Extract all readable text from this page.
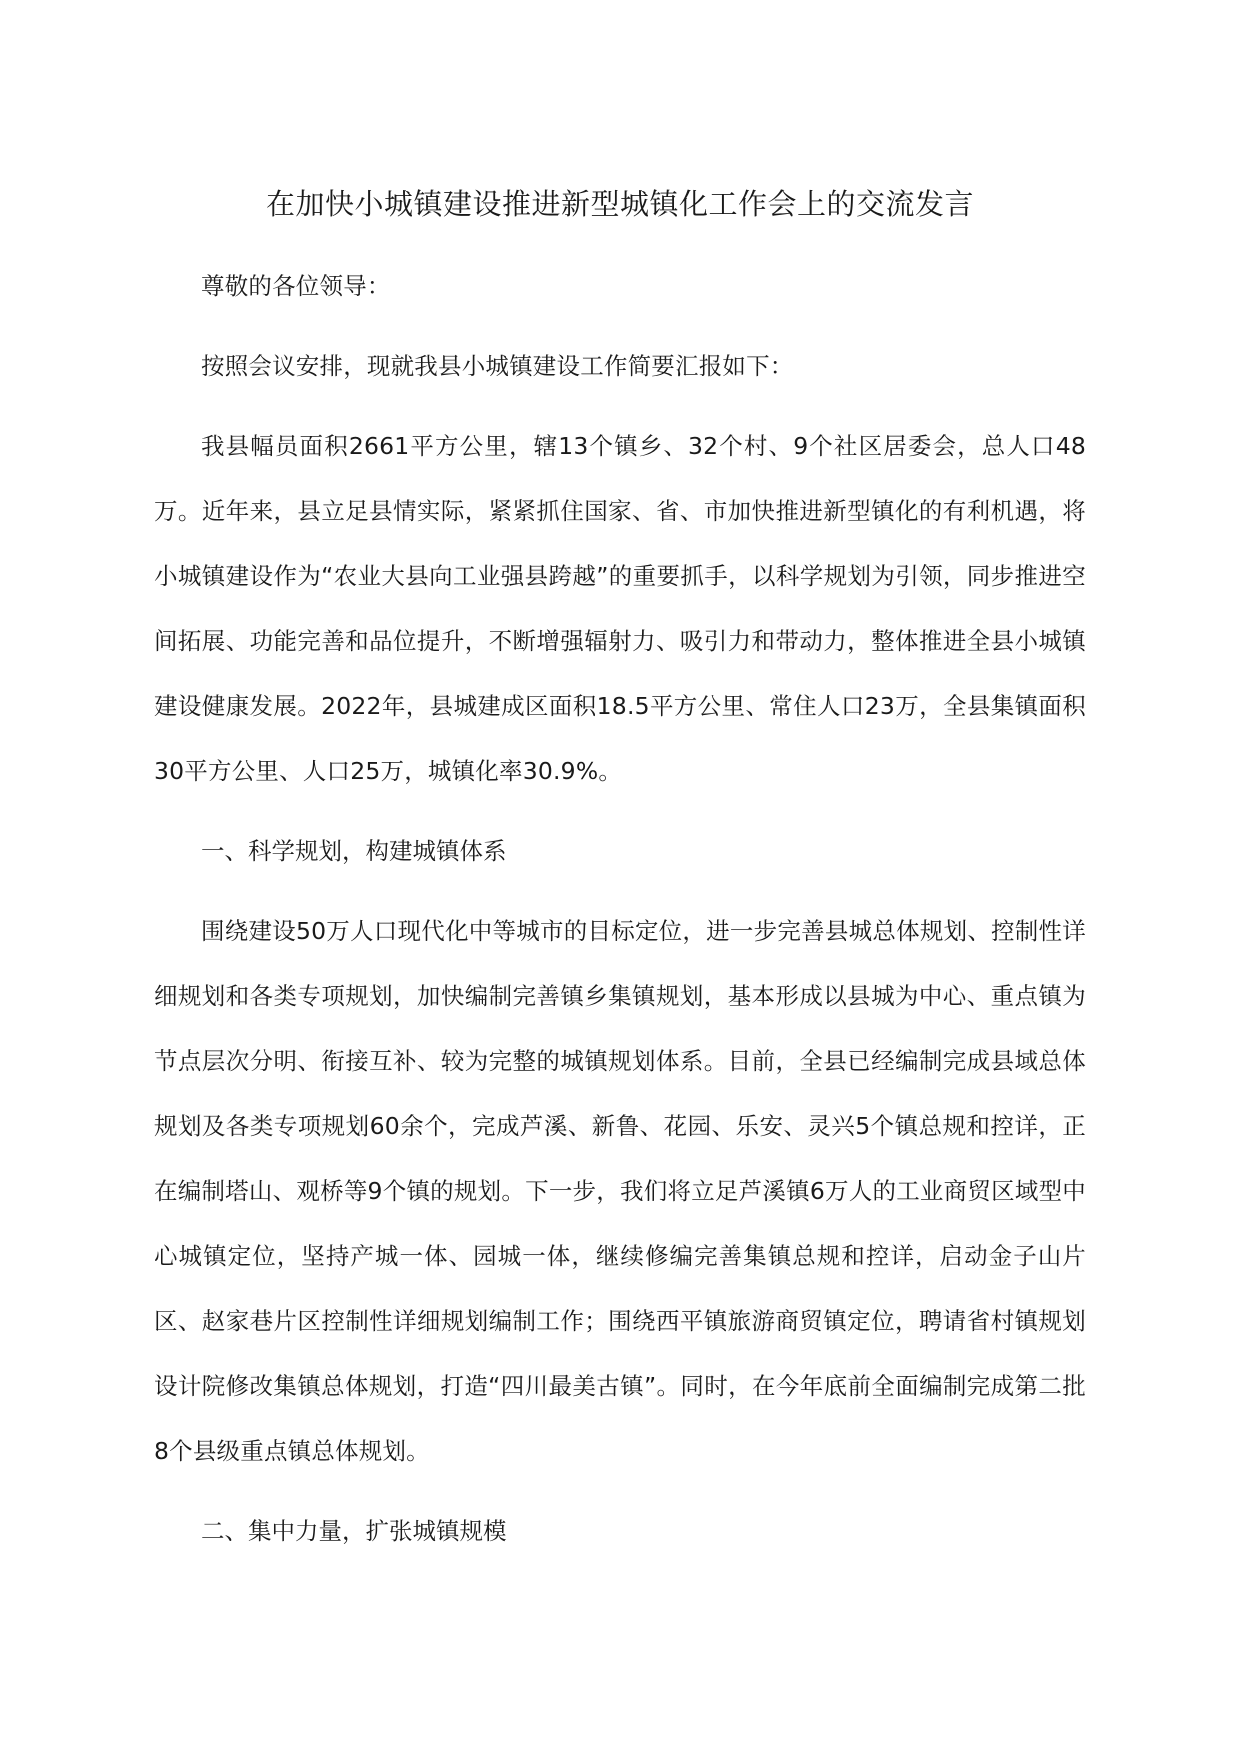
在加快小城镇建设推进新型城镇化工作会上的交流发言

尊敬的各位领导：

按照会议安排，现就我县小城镇建设工作简要汇报如下：

我县幅员面积2661平方公里，辖13个镇乡、32个村、9个社区居委会，总人口48万。近年来，县立足县情实际，紧紧抓住国家、省、市加快推进新型镇化的有利机遇，将小城镇建设作为“农业大县向工业强县跨越”的重要抓手，以科学规划为引领，同步推进空间拓展、功能完善和品位提升，不断增强辐射力、吸引力和带动力，整体推进全县小城镇建设健康发展。2022年，县城建成区面积18.5平方公里、常住人口23万，全县集镇面积30平方公里、人口25万，城镇化率30.9%。

一、科学规划，构建城镇体系

围绕建设50万人口现代化中等城市的目标定位，进一步完善县城总体规划、控制性详细规划和各类专项规划，加快编制完善镇乡集镇规划，基本形成以县城为中心、重点镇为节点层次分明、衔接互补、较为完整的城镇规划体系。目前，全县已经编制完成县域总体规划及各类专项规划60余个，完成芦溪、新鲁、花园、乐安、灵兴5个镇总规和控详，正在编制塔山、观桥等9个镇的规划。下一步，我们将立足芦溪镇6万人的工业商贸区域型中心城镇定位，坚持产城一体、园城一体，继续修编完善集镇总规和控详，启动金子山片区、赵家巷片区控制性详细规划编制工作；围绕西平镇旅游商贸镇定位，聘请省村镇规划设计院修改集镇总体规划，打造“四川最美古镇”。同时，在今年底前全面编制完成第二批8个县级重点镇总体规划。

二、集中力量，扩张城镇规模
